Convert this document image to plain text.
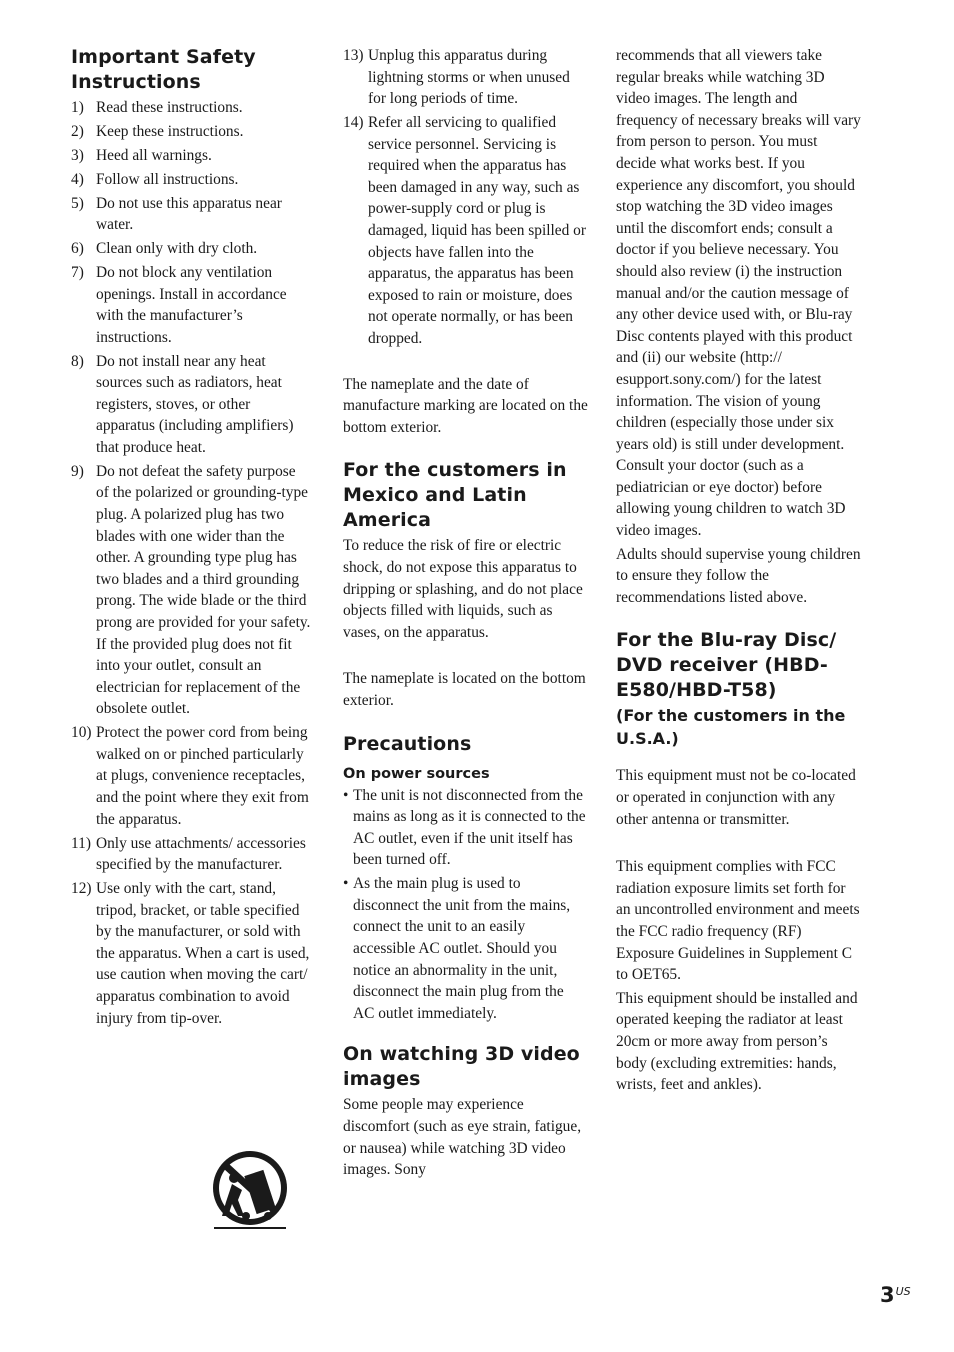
Important Safety Instructions
1) Read these instructions.
2) Keep these instructions.
3) Heed all warnings.
4) Follow all instructions.
5) Do not use this apparatus near water.
6) Clean only with dry cloth.
7) Do not block any ventilation openings. Install in accordance with the manufacturer’s instructions.
8) Do not install near any heat sources such as radiators, heat registers, stoves, or other apparatus (including amplifiers) that produce heat.
9) Do not defeat the safety purpose of the polarized or grounding-type plug. A polarized plug has two blades with one wider than the other. A grounding type plug has two blades and a third grounding prong. The wide blade or the third prong are provided for your safety. If the provided plug does not fit into your outlet, consult an electrician for replacement of the obsolete outlet.
10) Protect the power cord from being walked on or pinched particularly at plugs, convenience receptacles, and the point where they exit from the apparatus.
11) Only use attachments/ accessories specified by the manufacturer.
12) Use only with the cart, stand, tripod, bracket, or table specified by the manufacturer, or sold with the apparatus. When a cart is used, use caution when moving the cart/ apparatus combination to avoid injury from tip-over.
13) Unplug this apparatus during lightning storms or when unused for long periods of time.
14) Refer all servicing to qualified service personnel. Servicing is required when the apparatus has been damaged in any way, such as power-supply cord or plug is damaged, liquid has been spilled or objects have fallen into the apparatus, the apparatus has been exposed to rain or moisture, does not operate normally, or has been dropped.

The nameplate and the date of manufacture marking are located on the bottom exterior.

For the customers in Mexico and Latin America

To reduce the risk of fire or electric shock, do not expose this apparatus to dripping or splashing, and do not place objects filled with liquids, such as vases, on the apparatus.

The nameplate is located on the bottom exterior.

Precautions
On power sources
• The unit is not disconnected from the mains as long as it is connected to the AC outlet, even if the unit itself has been turned off.
• As the main plug is used to disconnect the unit from the mains, connect the unit to an easily accessible AC outlet. Should you notice an abnormality in the unit, disconnect the main plug from the AC outlet immediately.
On watching 3D video images

Some people may experience discomfort (such as eye strain, fatigue, or nausea) while watching 3D video images. Sony

recommends that all viewers take regular breaks while watching 3D video images. The length and frequency of necessary breaks will vary from person to person. You must decide what works best. If you experience any discomfort, you should stop watching the 3D video images until the discomfort ends; consult a doctor if you believe necessary. You should also review (i) the instruction manual and/or the caution message of any other device used with, or Blu-ray Disc contents played with this product and (ii) our website (http:// esupport.sony.com/) for the latest information. The vision of young children (especially those under six years old) is still under development. Consult your doctor (such as a pediatrician or eye doctor) before allowing young children to watch 3D video images.

Adults should supervise young children to ensure they follow the recommendations listed above.

For the Blu-ray Disc/ DVD receiver (HBD-E580/HBD-T58)
(For the customers in the U.S.A.)

This equipment must not be co-located or operated in conjunction with any other antenna or transmitter.

This equipment complies with FCC radiation exposure limits set forth for an uncontrolled environment and meets the FCC radio frequency (RF) Exposure Guidelines in Supplement C to OET65.

This equipment should be installed and operated keeping the radiator at least 20cm or more away from person’s body (excluding extremities: hands, wrists, feet and ankles).

$3^{US}$
